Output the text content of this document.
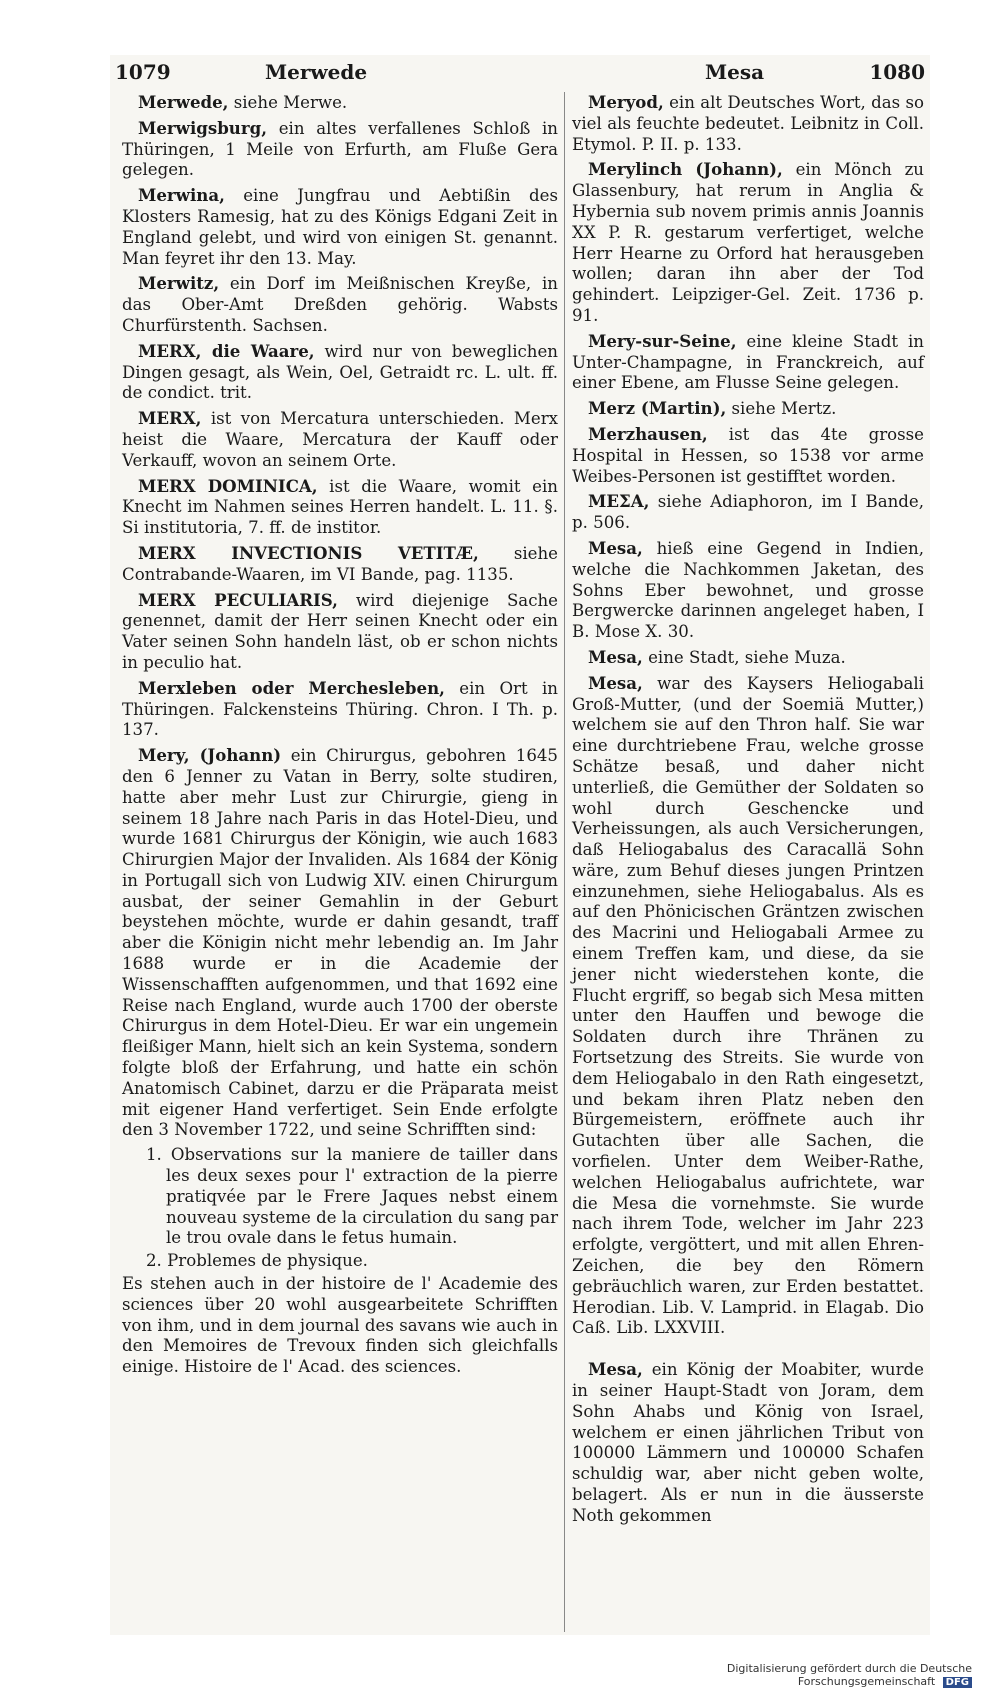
1079	Merwede	Mesa	1080

Merwede, siehe Merwe.

Merwigsburg, ein altes verfallenes Schloß in Thüringen, 1 Meile von Erfurth, am Fluße Gera gelegen.

Merwina, eine Jungfrau und Aebtißin des Klosters Ramesig, hat zu des Königs Edgani Zeit in England gelebt, und wird von einigen St. genannt. Man feyret ihr den 13. May.

Merwitz, ein Dorf im Meißnischen Kreyße, in das Ober-Amt Dreßden gehörig. Wabsts Churfürstenth. Sachsen.

MERX, die Waare, wird nur von beweglichen Dingen gesagt, als Wein, Oel, Getraidt rc. L. ult. ff. de condict. trit.

MERX, ist von Mercatura unterschieden. Merx heist die Waare, Mercatura der Kauff oder Verkauff, wovon an seinem Orte.

MERX DOMINICA, ist die Waare, womit ein Knecht im Nahmen seines Herren handelt. L. 11. §. Si institutoria, 7. ff. de institor.

MERX INVECTIONIS VETITÆ, siehe Contrabande-Waaren, im VI Bande, pag. 1135.

MERX PECULIARIS, wird diejenige Sache genennet, damit der Herr seinen Knecht oder ein Vater seinen Sohn handeln läst, ob er schon nichts in peculio hat.

Merxleben oder Merchesleben, ein Ort in Thüringen. Falckensteins Thüring. Chron. I Th. p. 137.

Mery, (Johann) ein Chirurgus, gebohren 1645 den 6 Jenner zu Vatan in Berry, solte studiren, hatte aber mehr Lust zur Chirurgie, gieng in seinem 18 Jahre nach Paris in das Hotel-Dieu, und wurde 1681 Chirurgus der Königin, wie auch 1683 Chirurgien Major der Invaliden. Als 1684 der König in Portugall sich von Ludwig XIV. einen Chirurgum ausbat, der seiner Gemahlin in der Geburt beystehen möchte, wurde er dahin gesandt, traff aber die Königin nicht mehr lebendig an. Im Jahr 1688 wurde er in die Academie der Wissenschafften aufgenommen, und that 1692 eine Reise nach England, wurde auch 1700 der oberste Chirurgus in dem Hotel-Dieu. Er war ein ungemein fleißiger Mann, hielt sich an kein Systema, sondern folgte bloß der Erfahrung, und hatte ein schön Anatomisch Cabinet, darzu er die Präparata meist mit eigener Hand verfertiget. Sein Ende erfolgte den 3 November 1722, und seine Schrifften sind:

1. Observations sur la maniere de tailler dans les deux sexes pour l' extraction de la pierre pratiqvée par le Frere Jaques nebst einem nouveau systeme de la circulation du sang par le trou ovale dans le fetus humain.

2. Problemes de physique.

Es stehen auch in der histoire de l' Academie des sciences über 20 wohl ausgearbeitete Schrifften von ihm, und in dem journal des savans wie auch in den Memoires de Trevoux finden sich gleichfalls einige. Histoire de l' Acad. des sciences.

Meryod, ein alt Deutsches Wort, das so viel als feuchte bedeutet. Leibnitz in Coll. Etymol. P. II. p. 133.

Merylinch (Johann), ein Mönch zu Glassenbury, hat rerum in Anglia & Hybernia sub novem primis annis Joannis XX P. R. gestarum verfertiget, welche Herr Hearne zu Orford hat herausgeben wollen; daran ihn aber der Tod gehindert. Leipziger-Gel. Zeit. 1736 p. 91.

Mery-sur-Seine, eine kleine Stadt in Unter-Champagne, in Franckreich, auf einer Ebene, am Flusse Seine gelegen.

Merz (Martin), siehe Mertz.

Merzhausen, ist das 4te grosse Hospital in Hessen, so 1538 vor arme Weibes-Personen ist gestifftet worden.

ΜΕΣΑ, siehe Adiaphoron, im I Bande, p. 506.

Mesa, hieß eine Gegend in Indien, welche die Nachkommen Jaketan, des Sohns Eber bewohnet, und grosse Bergwercke darinnen angeleget haben, I B. Mose X. 30.

Mesa, eine Stadt, siehe Muza.

Mesa, war des Kaysers Heliogabali Groß-Mutter, (und der Soemiä Mutter,) welchem sie auf den Thron half. Sie war eine durchtriebene Frau, welche grosse Schätze besaß, und daher nicht unterließ, die Gemüther der Soldaten so wohl durch Geschencke und Verheissungen, als auch Versicherungen, daß Heliogabalus des Caracallä Sohn wäre, zum Behuf dieses jungen Printzen einzunehmen, siehe Heliogabalus. Als es auf den Phönicischen Gräntzen zwischen des Macrini und Heliogabali Armee zu einem Treffen kam, und diese, da sie jener nicht wiederstehen konte, die Flucht ergriff, so begab sich Mesa mitten unter den Hauffen und bewoge die Soldaten durch ihre Thränen zu Fortsetzung des Streits. Sie wurde von dem Heliogabalo in den Rath eingesetzt, und bekam ihren Platz neben den Bürgemeistern, eröffnete auch ihr Gutachten über alle Sachen, die vorfielen. Unter dem Weiber-Rathe, welchen Heliogabalus aufrichtete, war die Mesa die vornehmste. Sie wurde nach ihrem Tode, welcher im Jahr 223 erfolgte, vergöttert, und mit allen Ehren-Zeichen, die bey den Römern gebräuchlich waren, zur Erden bestattet. Herodian. Lib. V. Lamprid. in Elagab. Dio Caß. Lib. LXXVIII.

Mesa, ein König der Moabiter, wurde in seiner Haupt-Stadt von Joram, dem Sohn Ahabs und König von Israel, welchem er einen jährlichen Tribut von 100000 Lämmern und 100000 Schafen schuldig war, aber nicht geben wolte, belagert. Als er nun in die äusserste Noth gekommen

Digitalisierung gefördert durch die Deutsche Forschungsgemeinschaft DFG
